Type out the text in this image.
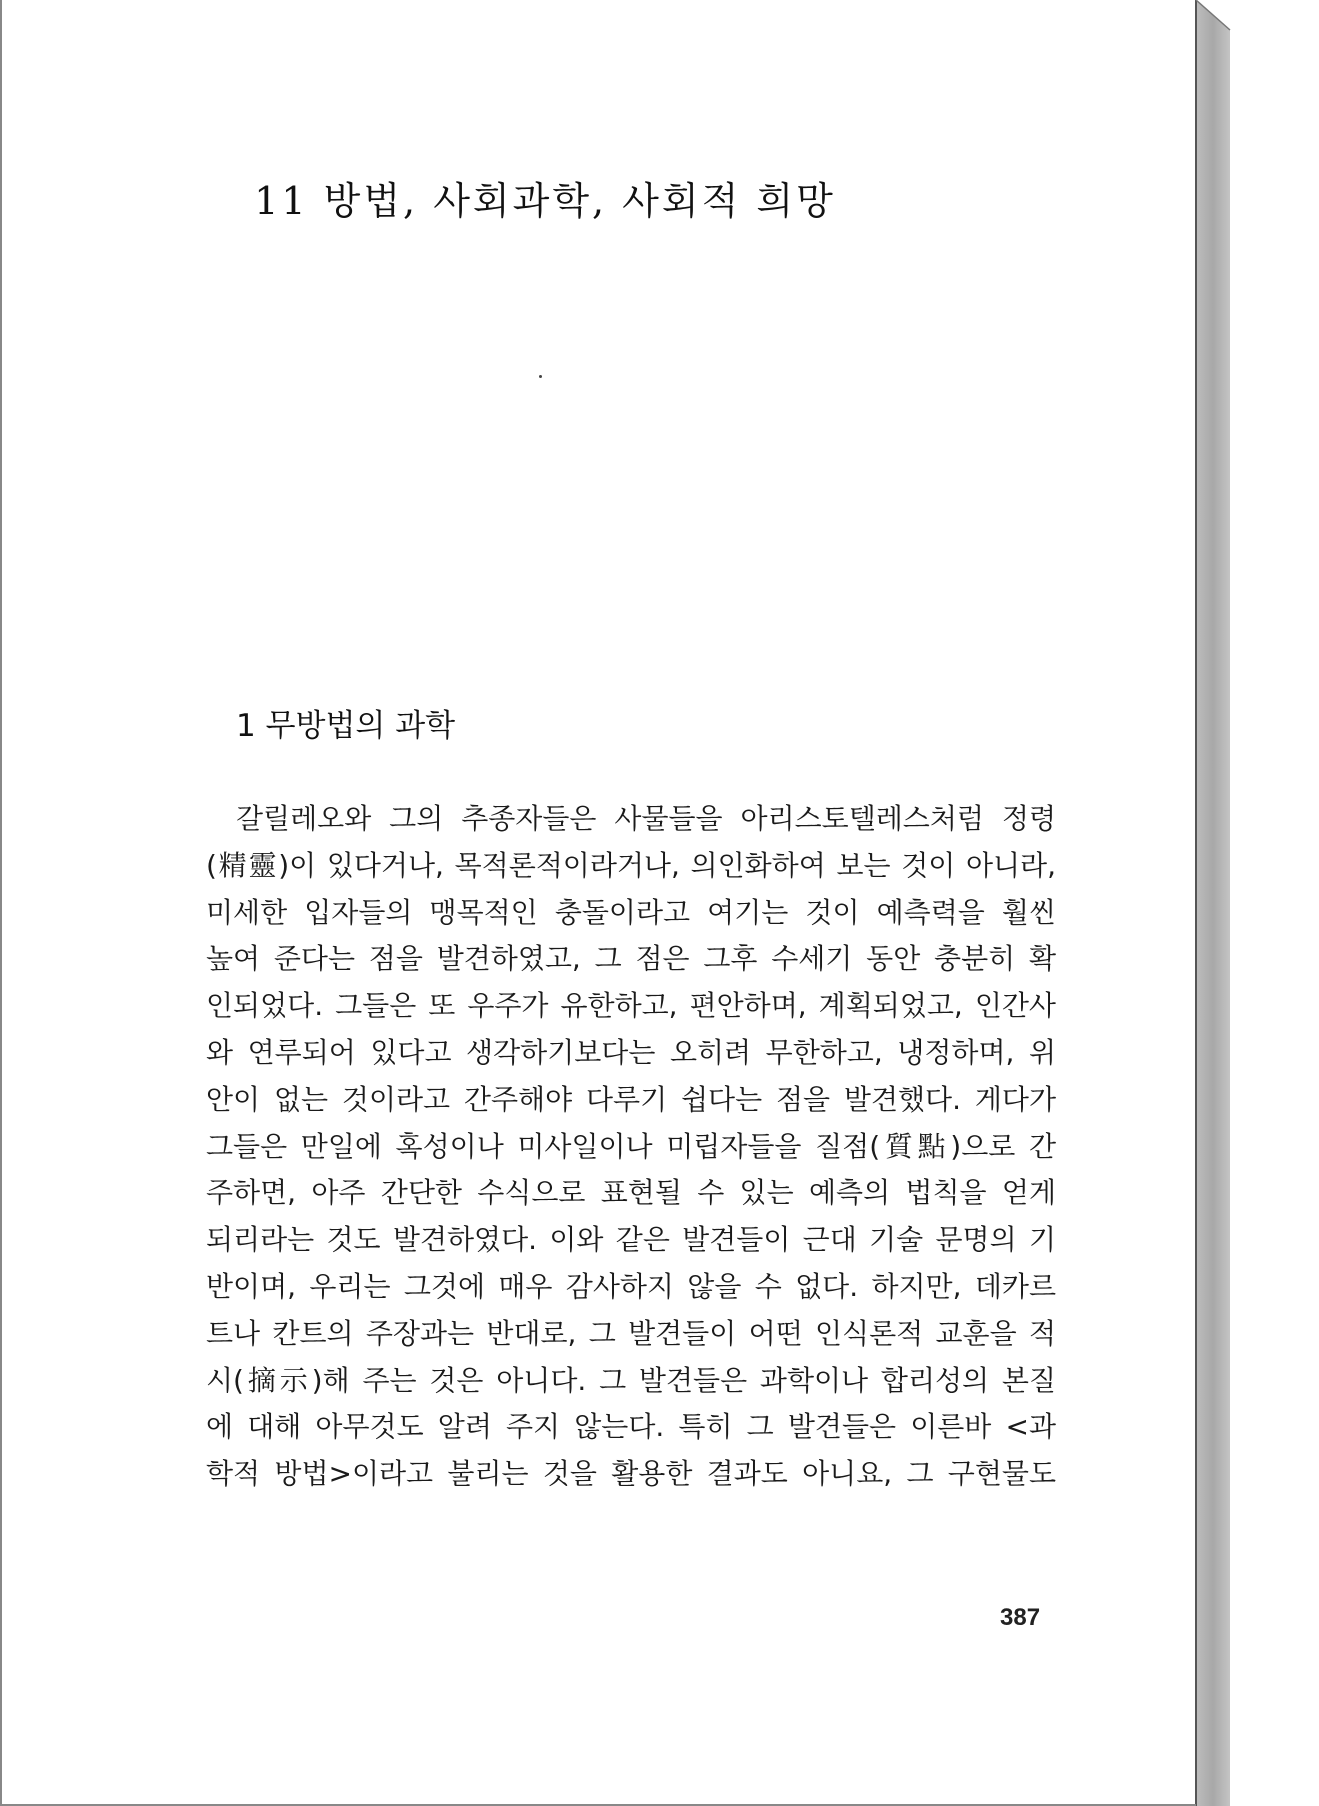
11 방법, 사회과학, 사회적 희망
1 무방법의 과학
갈릴레오와 그의 추종자들은 사물들을 아리스토텔레스처럼 정령
(精靈)이 있다거나, 목적론적이라거나, 의인화하여 보는 것이 아니라,
미세한 입자들의 맹목적인 충돌이라고 여기는 것이 예측력을 훨씬
높여 준다는 점을 발견하였고, 그 점은 그후 수세기 동안 충분히 확
인되었다. 그들은 또 우주가 유한하고, 편안하며, 계획되었고, 인간사
와 연루되어 있다고 생각하기보다는 오히려 무한하고, 냉정하며, 위
안이 없는 것이라고 간주해야 다루기 쉽다는 점을 발견했다. 게다가
그들은 만일에 혹성이나 미사일이나 미립자들을 질점(質點)으로 간
주하면, 아주 간단한 수식으로 표현될 수 있는 예측의 법칙을 얻게
되리라는 것도 발견하였다. 이와 같은 발견들이 근대 기술 문명의 기
반이며, 우리는 그것에 매우 감사하지 않을 수 없다. 하지만, 데카르
트나 칸트의 주장과는 반대로, 그 발견들이 어떤 인식론적 교훈을 적
시(摘示)해 주는 것은 아니다. 그 발견들은 과학이나 합리성의 본질
에 대해 아무것도 알려 주지 않는다. 특히 그 발견들은 이른바 <과
학적 방법>이라고 불리는 것을 활용한 결과도 아니요, 그 구현물도
387
